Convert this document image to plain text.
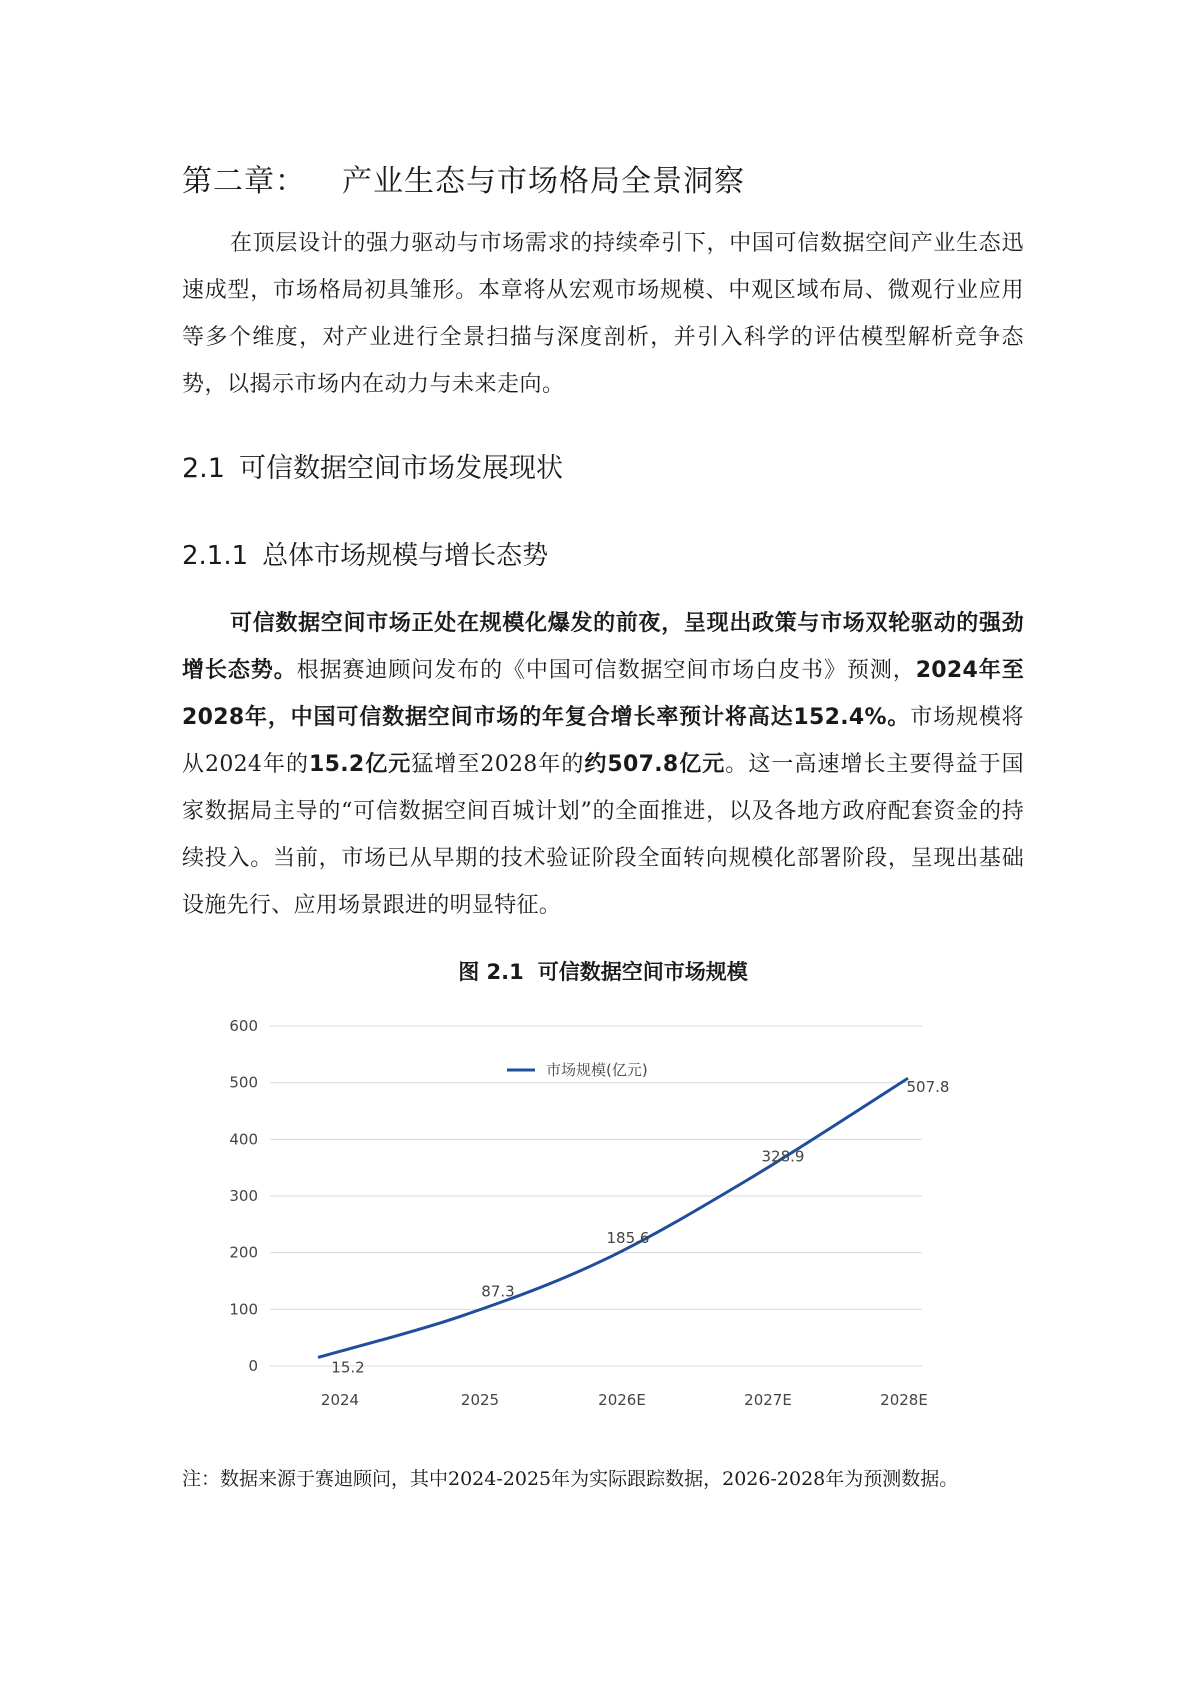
第二章： 产业生态与市场格局全景洞察

在顶层设计的强力驱动与市场需求的持续牵引下，中国可信数据空间产业生态迅速成型，市场格局初具雏形。本章将从宏观市场规模、中观区域布局、微观行业应用等多个维度，对产业进行全景扫描与深度剖析，并引入科学的评估模型解析竞争态势，以揭示市场内在动力与未来走向。

2.1 可信数据空间市场发展现状
2.1.1 总体市场规模与增长态势

可信数据空间市场正处在规模化爆发的前夜，呈现出政策与市场双轮驱动的强劲增长态势。根据赛迪顾问发布的《中国可信数据空间市场白皮书》预测，2024年至2028年，中国可信数据空间市场的年复合增长率预计将高达152.4%。市场规模将从2024年的15.2亿元猛增至2028年的约507.8亿元。这一高速增长主要得益于国家数据局主导的“可信数据空间百城计划”的全面推进，以及各地方政府配套资金的持续投入。当前，市场已从早期的技术验证阶段全面转向规模化部署阶段，呈现出基础设施先行、应用场景跟进的明显特征。

图 2.1 可信数据空间市场规模

0
100
200
300
400
500
600
2024	2025	2026E	2027E	2028E
15.2
87.3
185.6
328.9
507.8
市场规模(亿元)

注：数据来源于赛迪顾问，其中2024-2025年为实际跟踪数据，2026-2028年为预测数据。
